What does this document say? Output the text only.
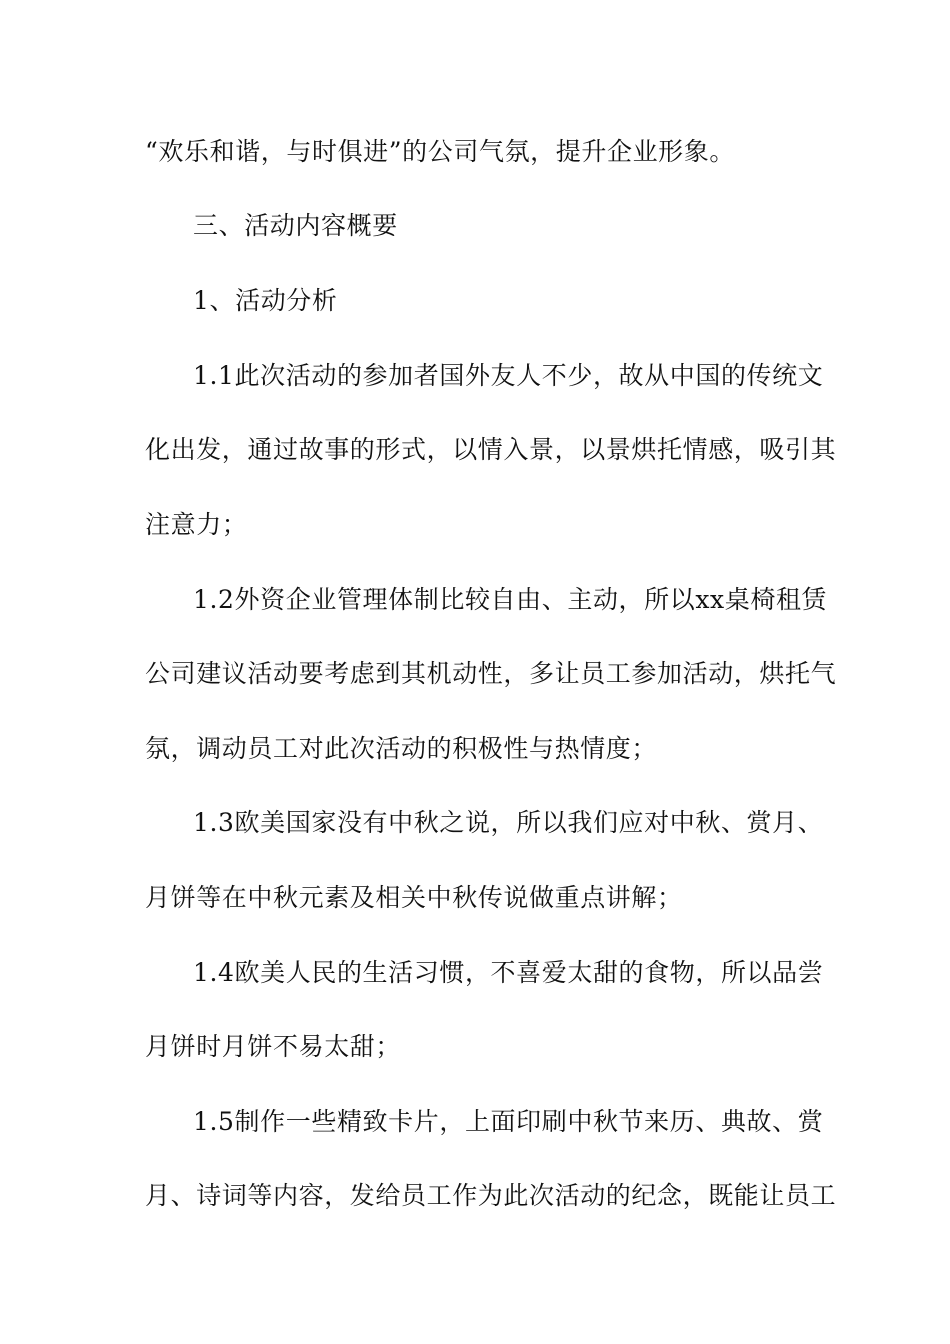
“欢乐和谐，与时俱进”的公司气氛，提升企业形象。
三、活动内容概要
1、活动分析
1.1此次活动的参加者国外友人不少，故从中国的传统文
化出发，通过故事的形式，以情入景，以景烘托情感，吸引其
注意力；
1.2外资企业管理体制比较自由、主动，所以xx桌椅租赁
公司建议活动要考虑到其机动性，多让员工参加活动，烘托气
氛，调动员工对此次活动的积极性与热情度；
1.3欧美国家没有中秋之说，所以我们应对中秋、赏月、
月饼等在中秋元素及相关中秋传说做重点讲解；
1.4欧美人民的生活习惯，不喜爱太甜的食物，所以品尝
月饼时月饼不易太甜；
1.5制作一些精致卡片，上面印刷中秋节来历、典故、赏
月、诗词等内容，发给员工作为此次活动的纪念，既能让员工
